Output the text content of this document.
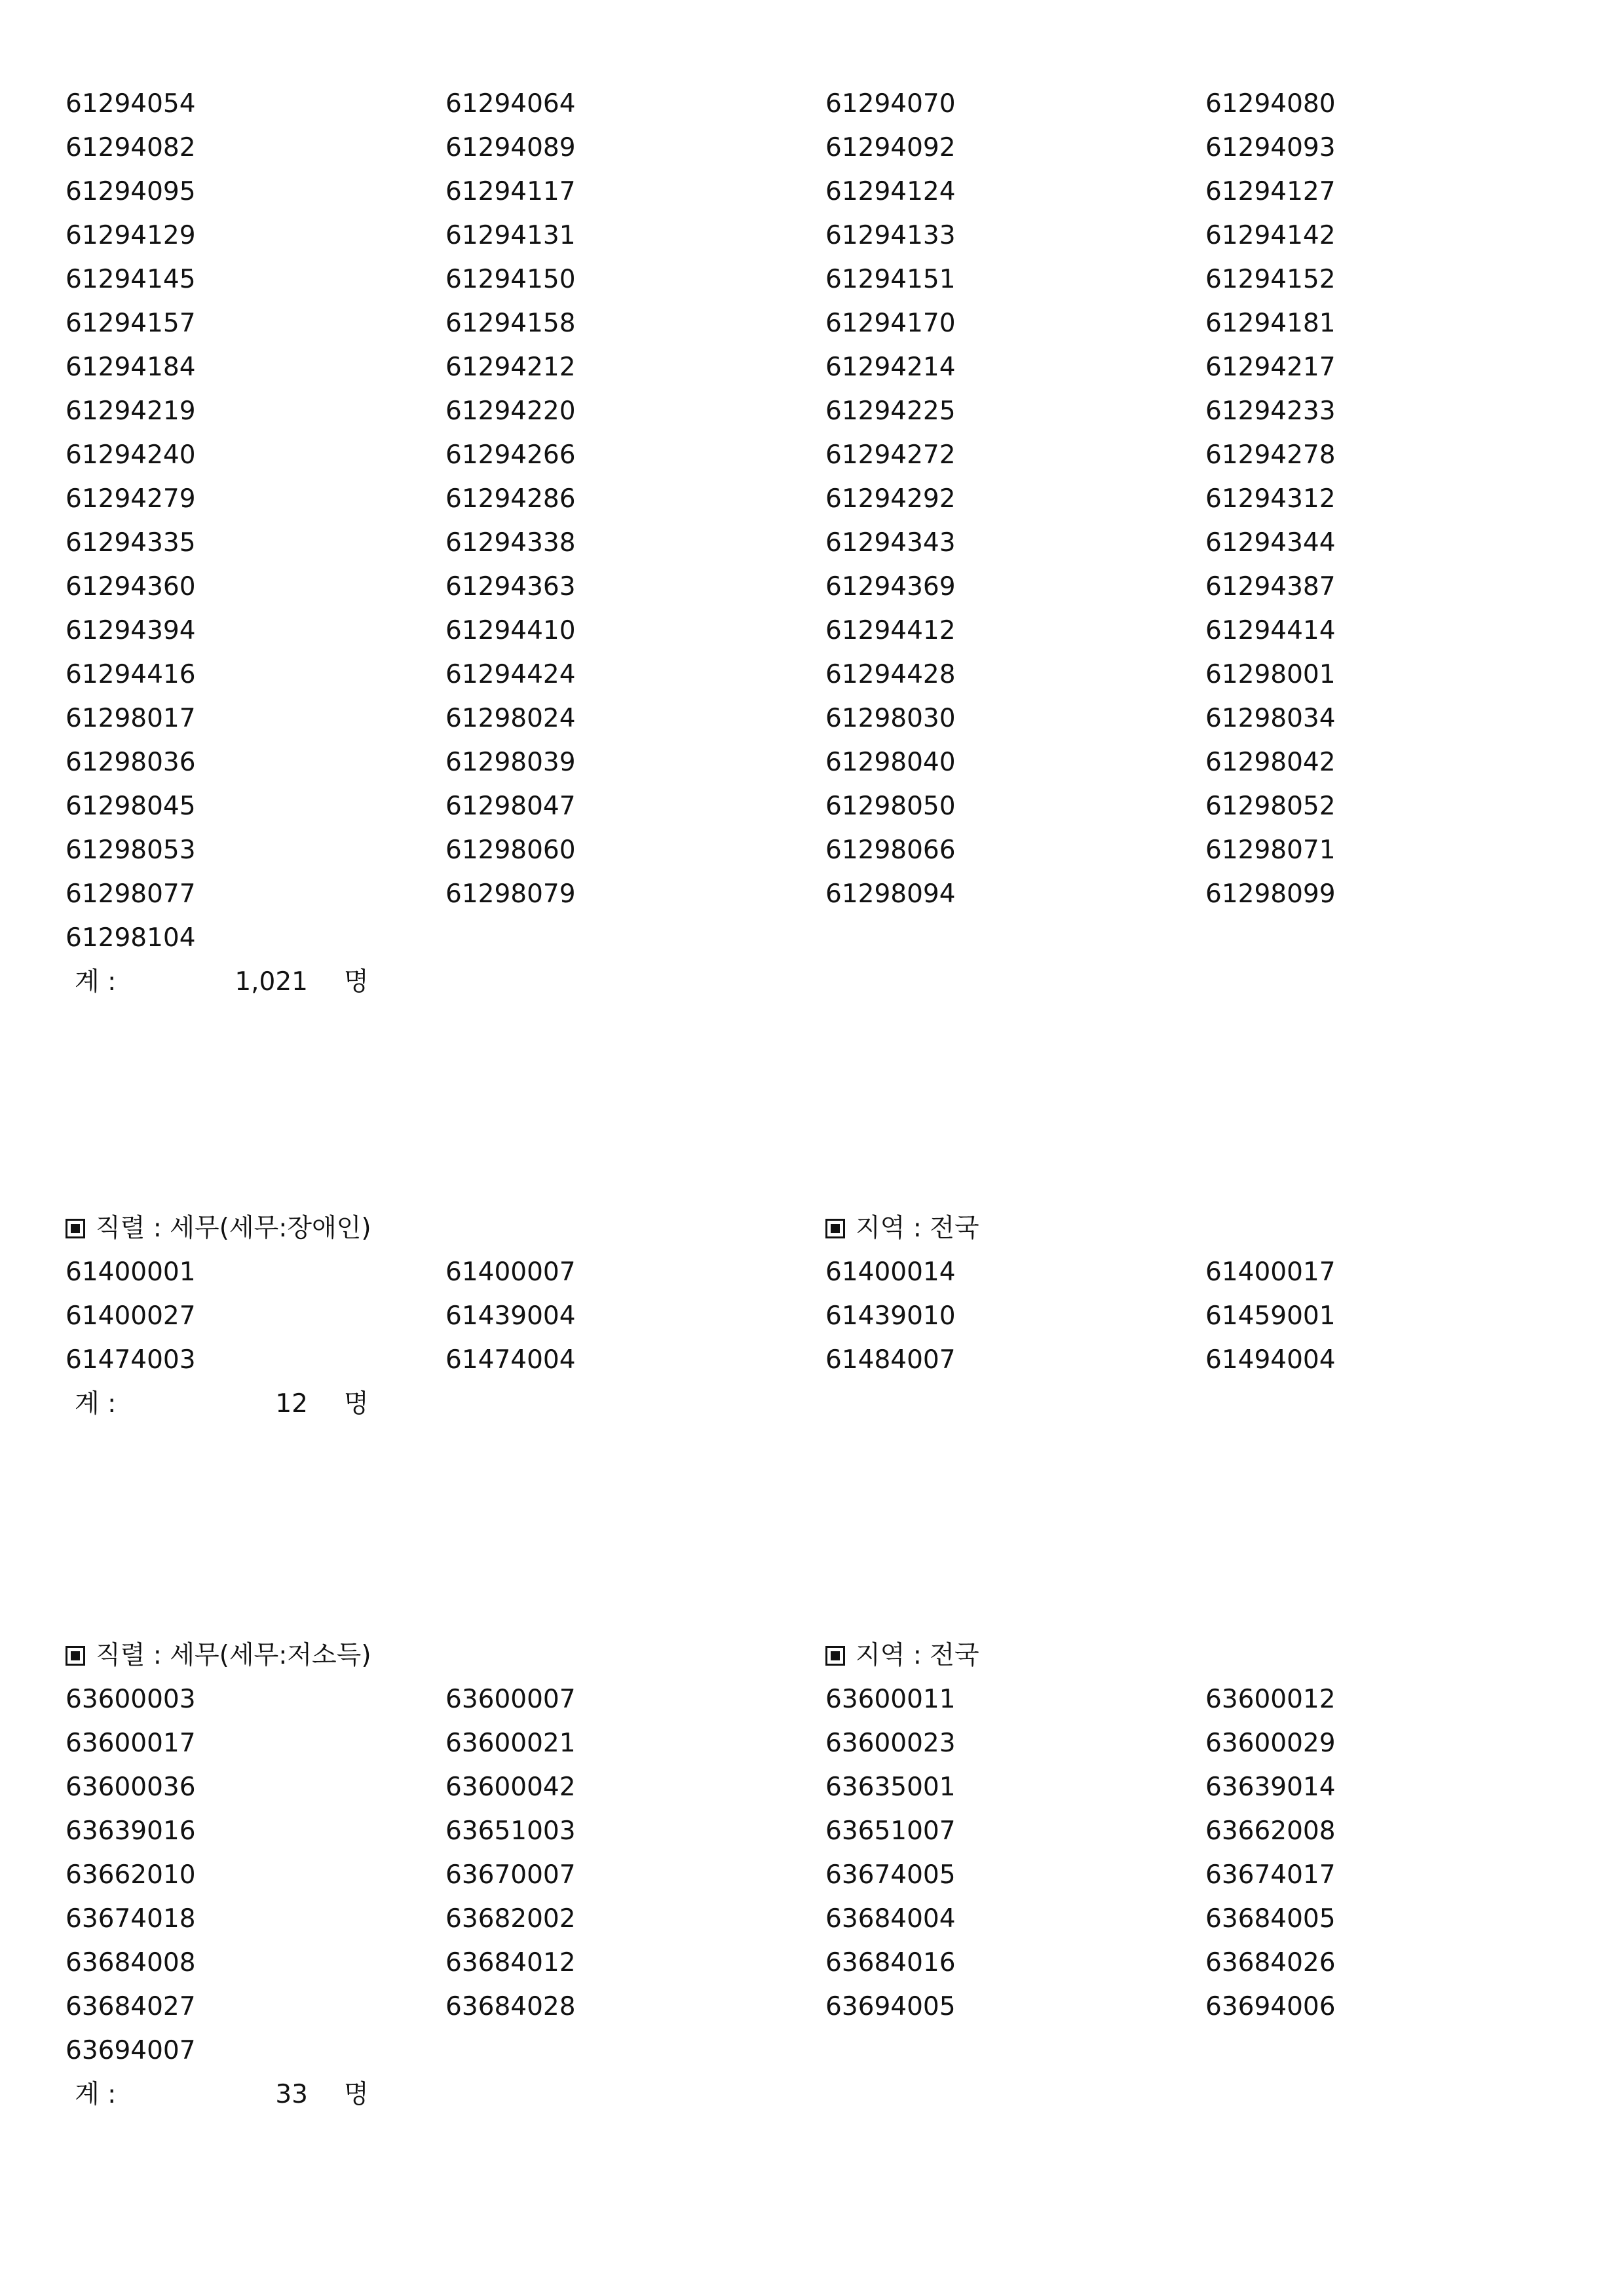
61294054	61294064	61294070	61294080
61294082	61294089	61294092	61294093
61294095	61294117	61294124	61294127
61294129	61294131	61294133	61294142
61294145	61294150	61294151	61294152
61294157	61294158	61294170	61294181
61294184	61294212	61294214	61294217
61294219	61294220	61294225	61294233
61294240	61294266	61294272	61294278
61294279	61294286	61294292	61294312
61294335	61294338	61294343	61294344
61294360	61294363	61294369	61294387
61294394	61294410	61294412	61294414
61294416	61294424	61294428	61298001
61298017	61298024	61298030	61298034
61298036	61298039	61298040	61298042
61298045	61298047	61298050	61298052
61298053	61298060	61298066	61298071
61298077	61298079	61298094	61298099
61298104
계 :	1,021 명
직렬 : 세무(세무:장애인)	지역 : 전국
61400001	61400007	61400014	61400017
61400027	61439004	61439010	61459001
61474003	61474004	61484007	61494004
계 :	12 명
직렬 : 세무(세무:저소득)	지역 : 전국
63600003	63600007	63600011	63600012
63600017	63600021	63600023	63600029
63600036	63600042	63635001	63639014
63639016	63651003	63651007	63662008
63662010	63670007	63674005	63674017
63674018	63682002	63684004	63684005
63684008	63684012	63684016	63684026
63684027	63684028	63694005	63694006
63694007
계 :	33 명
